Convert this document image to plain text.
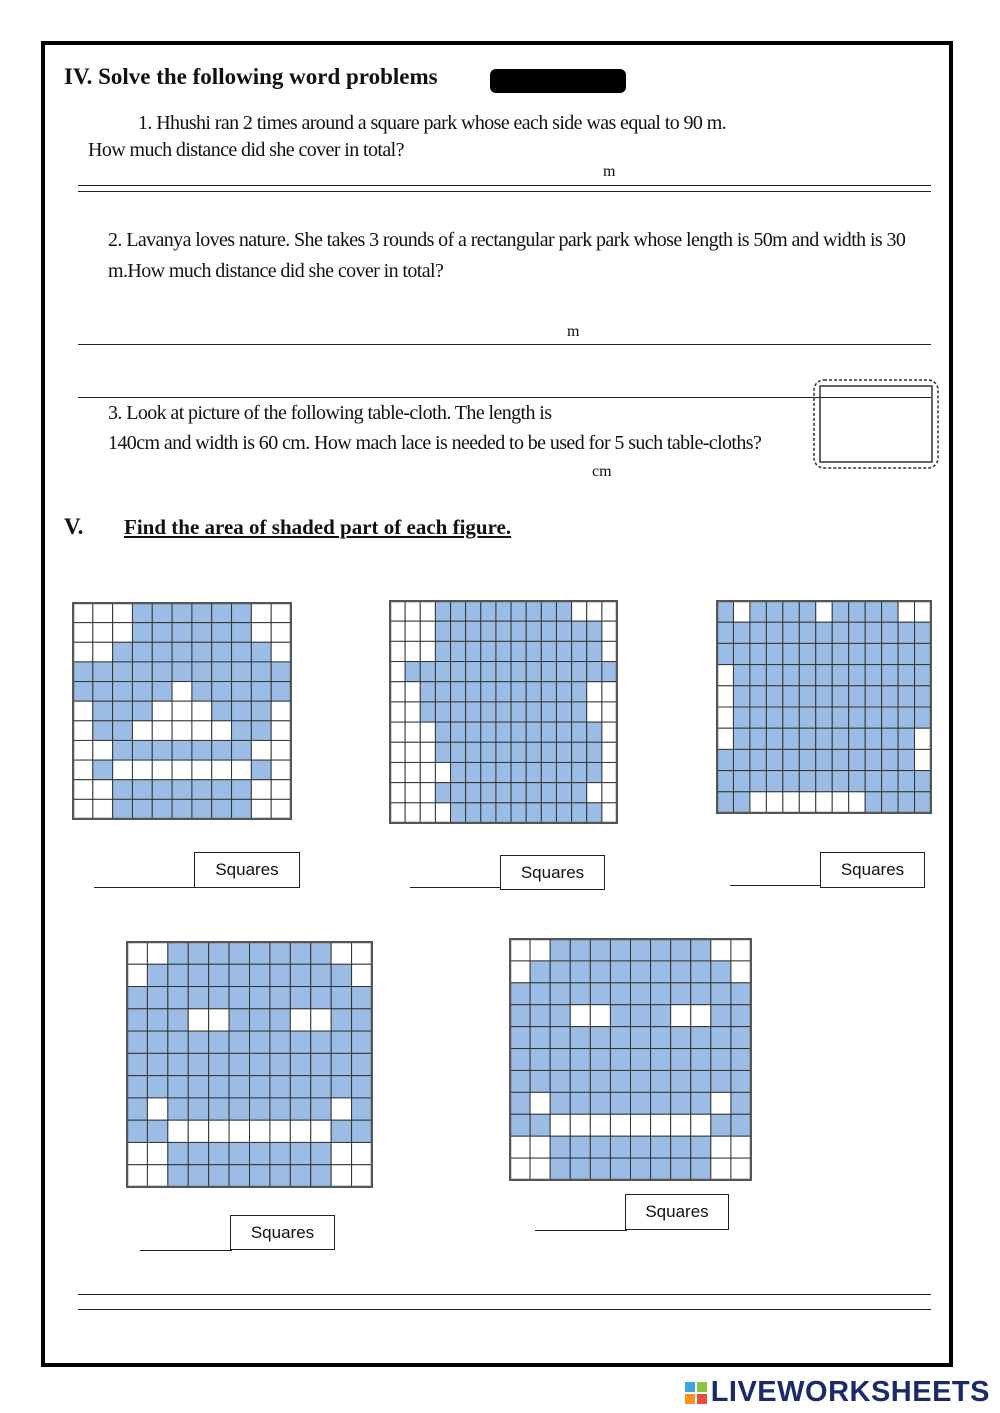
IV. Solve the following word problems
1. Hhushi ran 2 times around a square park whose each side was equal to 90 m.
How much distance did she cover in total?
m
2. Lavanya loves nature. She takes 3 rounds of a rectangular park park whose length is 50m and width is 30
m.How much distance did she cover in total?
m
3. Look at picture of the following table-cloth. The length is
140cm and width is 60 cm. How mach lace is needed to be used for 5 such table-cloths?
cm
V. Find the area of shaded part of each figure.
Squares	Squares	Squares
Squares
Squares
LIVEWORKSHEETS
